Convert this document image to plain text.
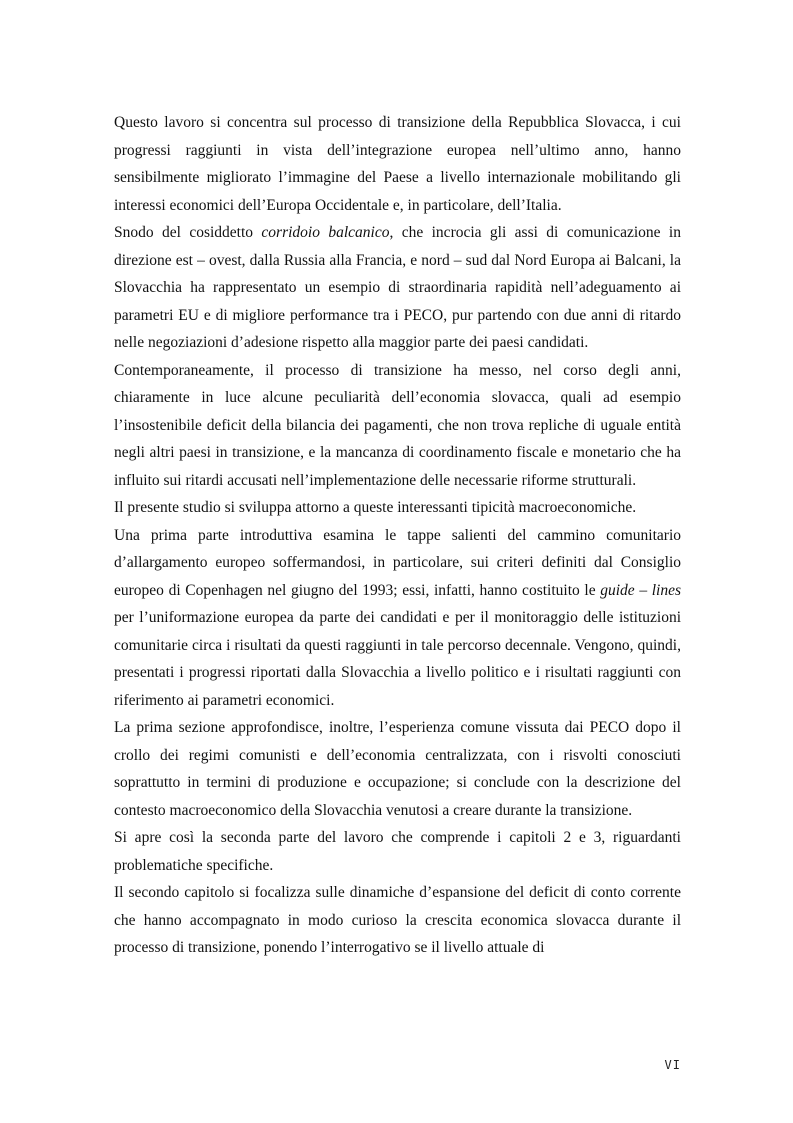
Questo lavoro si concentra sul processo di transizione della Repubblica Slovacca, i cui progressi raggiunti in vista dell’integrazione europea nell’ultimo anno, hanno sensibilmente migliorato l’immagine del Paese a livello internazionale mobilitando gli interessi economici dell’Europa Occidentale e, in particolare, dell’Italia.

Snodo del cosiddetto corridoio balcanico, che incrocia gli assi di comunicazione in direzione est – ovest, dalla Russia alla Francia, e nord – sud dal Nord Europa ai Balcani, la Slovacchia ha rappresentato un esempio di straordinaria rapidità nell’adeguamento ai parametri EU e di migliore performance tra i PECO, pur partendo con due anni di ritardo nelle negoziazioni d’adesione rispetto alla maggior parte dei paesi candidati.

Contemporaneamente, il processo di transizione ha messo, nel corso degli anni, chiaramente in luce alcune peculiarità dell’economia slovacca, quali ad esempio l’insostenibile deficit della bilancia dei pagamenti, che non trova repliche di uguale entità negli altri paesi in transizione, e la mancanza di coordinamento fiscale e monetario che ha influito sui ritardi accusati nell’implementazione delle necessarie riforme strutturali.

Il presente studio si sviluppa attorno a queste interessanti tipicità macroeconomiche.

Una prima parte introduttiva esamina le tappe salienti del cammino comunitario d’allargamento europeo soffermandosi, in particolare, sui criteri definiti dal Consiglio europeo di Copenhagen nel giugno del 1993; essi, infatti, hanno costituito le guide – lines per l’uniformazione europea da parte dei candidati e per il monitoraggio delle istituzioni comunitarie circa i risultati da questi raggiunti in tale percorso decennale. Vengono, quindi, presentati i progressi riportati dalla Slovacchia a livello politico e i risultati raggiunti con riferimento ai parametri economici.

La prima sezione approfondisce, inoltre, l’esperienza comune vissuta dai PECO dopo il crollo dei regimi comunisti e dell’economia centralizzata, con i risvolti conosciuti soprattutto in termini di produzione e occupazione; si conclude con la descrizione del contesto macroeconomico della Slovacchia venutosi a creare durante la transizione.

Si apre così la seconda parte del lavoro che comprende i capitoli 2 e 3, riguardanti problematiche specifiche.

Il secondo capitolo si focalizza sulle dinamiche d’espansione del deficit di conto corrente che hanno accompagnato in modo curioso la crescita economica slovacca durante il processo di transizione, ponendo l’interrogativo se il livello attuale di

VI
